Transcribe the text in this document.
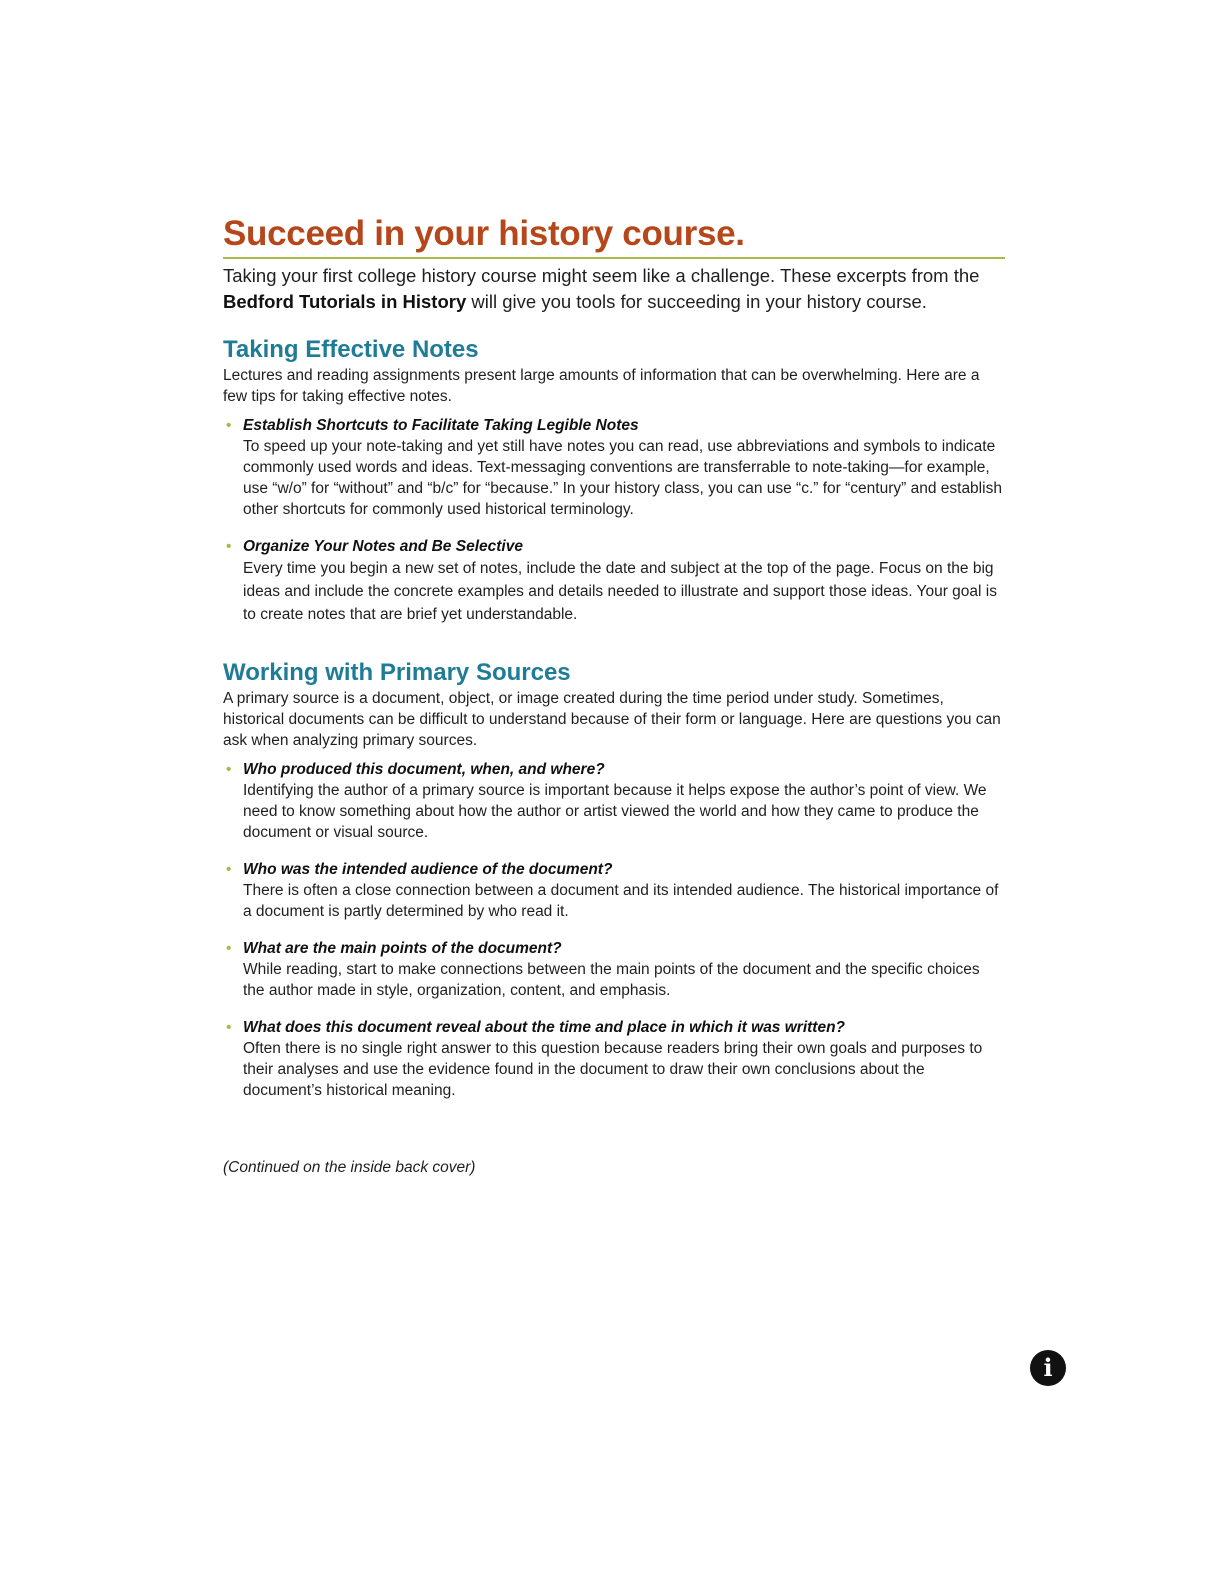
Succeed in your history course.

Taking your first college history course might seem like a challenge. These excerpts from the Bedford Tutorials in History will give you tools for succeeding in your history course.

Taking Effective Notes

Lectures and reading assignments present large amounts of information that can be overwhelming. Here are a few tips for taking effective notes.

• Establish Shortcuts to Facilitate Taking Legible Notes

To speed up your note-taking and yet still have notes you can read, use abbreviations and symbols to indicate commonly used words and ideas. Text-messaging conventions are transferrable to note-taking—for example, use “w/o” for “without” and “b/c” for “because.” In your history class, you can use “c.” for “century” and establish other shortcuts for commonly used historical terminology.

• Organize Your Notes and Be Selective

Every time you begin a new set of notes, include the date and subject at the top of the page. Focus on the big ideas and include the concrete examples and details needed to illustrate and support those ideas. Your goal is to create notes that are brief yet understandable.

Working with Primary Sources

A primary source is a document, object, or image created during the time period under study. Sometimes, historical documents can be difficult to understand because of their form or language. Here are questions you can ask when analyzing primary sources.

• Who produced this document, when, and where?

Identifying the author of a primary source is important because it helps expose the author’s point of view. We need to know something about how the author or artist viewed the world and how they came to produce the document or visual source.

• Who was the intended audience of the document?

There is often a close connection between a document and its intended audience. The historical importance of a document is partly determined by who read it.

• What are the main points of the document?

While reading, start to make connections between the main points of the document and the specific choices the author made in style, organization, content, and emphasis.

• What does this document reveal about the time and place in which it was written?

Often there is no single right answer to this question because readers bring their own goals and purposes to their analyses and use the evidence found in the document to draw their own conclusions about the document’s historical meaning.

(Continued on the inside back cover)

i
